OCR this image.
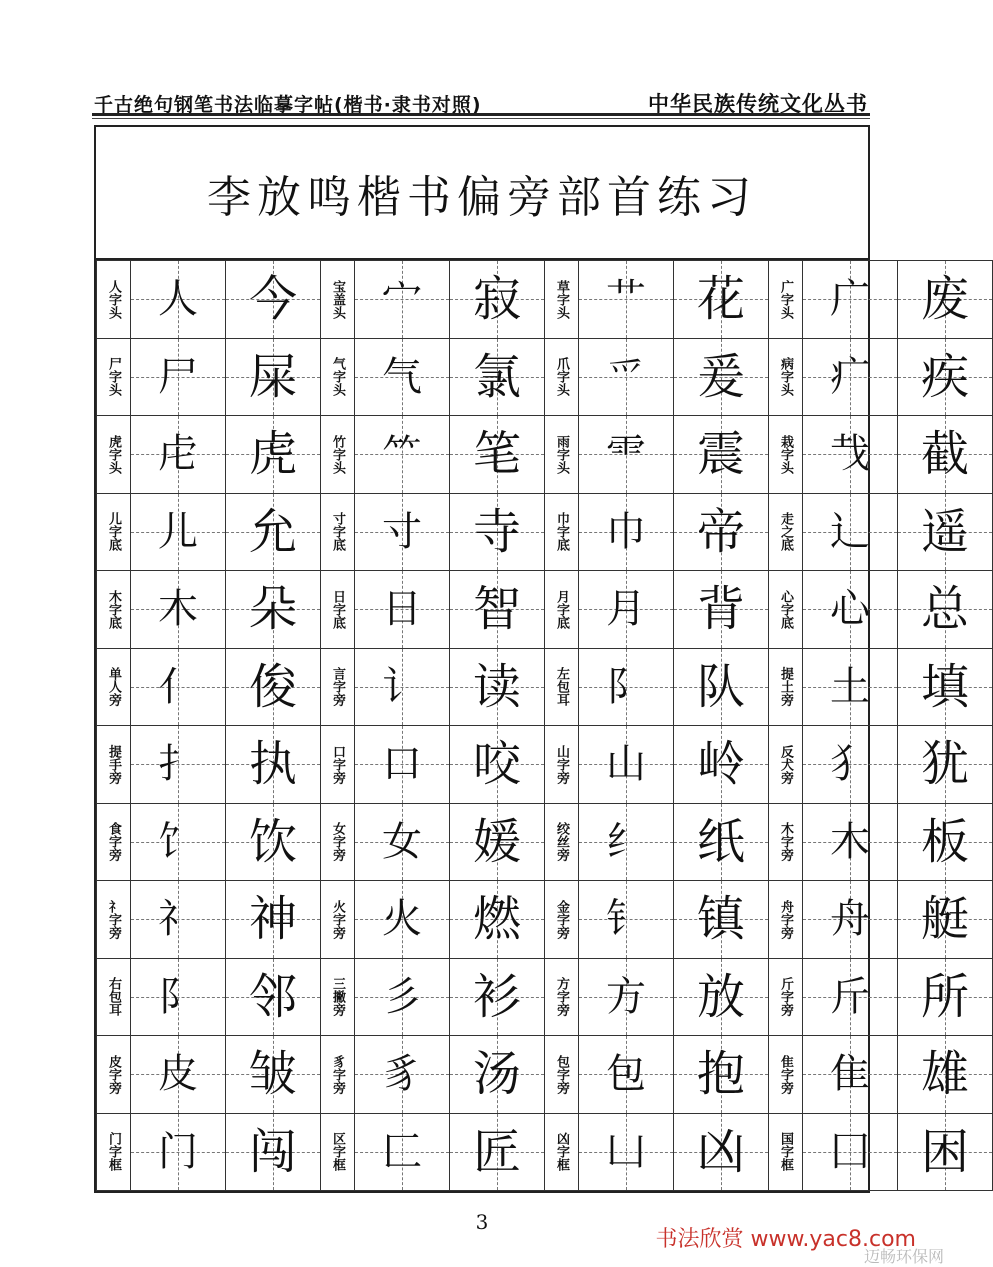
千古绝句钢笔书法临摹字帖(楷书·隶书对照)	中华民族传统文化丛书
李放鸣楷书偏旁部首练习
人字头	人	今	宝盖头	宀	寂	草字头	艹	花	广字头	广	废

尸字头	尸	屎	气字头	气	氯	爪字头	爫	爰	病字头	疒	疾

虎字头	虍	虎	竹字头	⺮	笔	雨字头	⻗	震	栽字头	𢦏	截

儿字底	儿	允	寸字底	寸	寺	巾字底	巾	帝	走之底	辶	遥

木字底	木	朵	日字底	日	智	月字底	月	背	心字底	心	总

单人旁	亻	俊	言字旁	讠	读	左包耳	阝	队	提土旁	土	填

提手旁	扌	执	口字旁	口	咬	山字旁	山	岭	反犬旁	犭	犹

食字旁	饣	饮	女字旁	女	媛	绞丝旁	纟	纸	木字旁	木	板

礻字旁	礻	神	火字旁	火	燃	金字旁	钅	镇	舟字旁	舟	艇

右包耳	阝	邻	三撇旁	彡	衫	方字旁	方	放	斤字旁	斤	所

皮字旁	皮	皱	豸字旁	豸	汤	包字旁	包	抱	隹字旁	隹	雄

门字框	门	闯	区字框	匚	匠	凶字框	凵	凶	国字框	囗	困
3
书法欣赏 www.yac8.com
迈畅环保网
